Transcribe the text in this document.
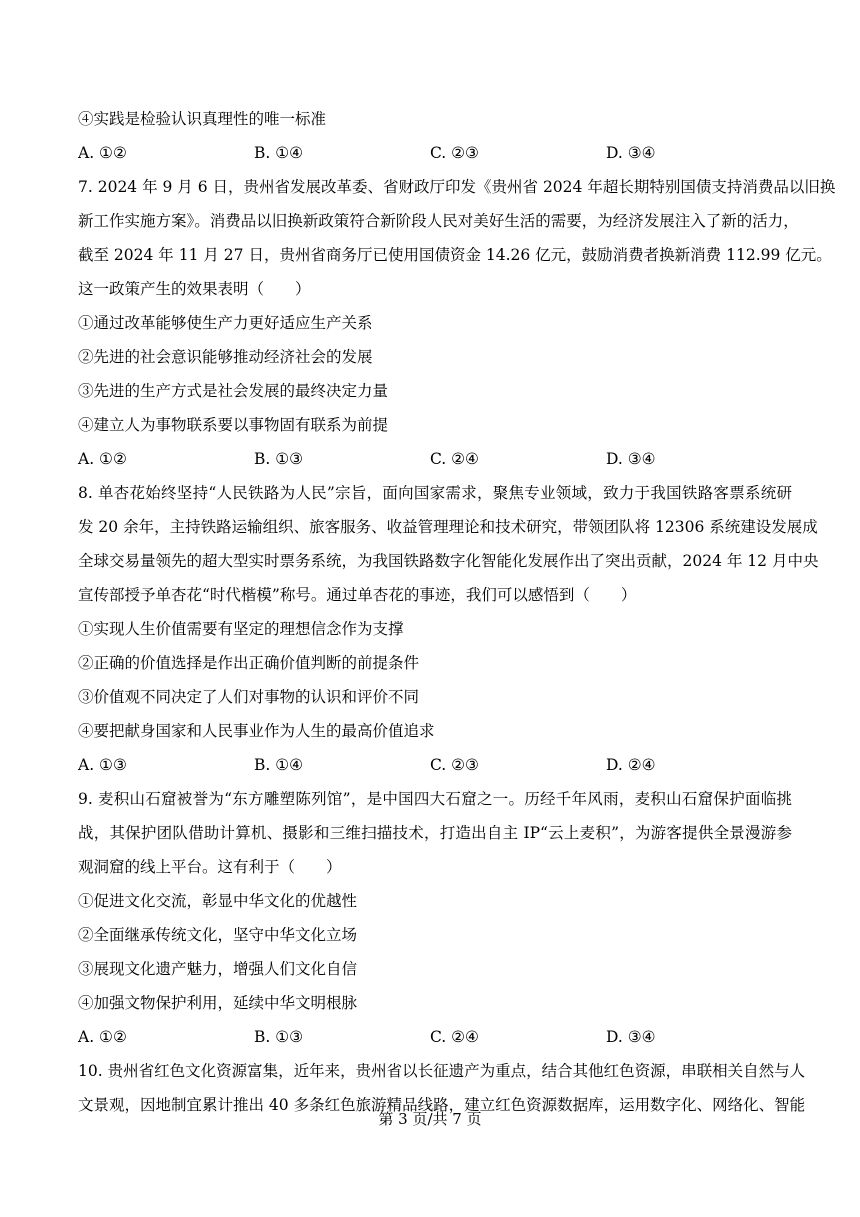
④实践是检验认识真理性的唯一标准
A. ①②	B. ①④	C. ②③	D. ③④
7. 2024 年 9 月 6 日，贵州省发展改革委、省财政厅印发《贵州省 2024 年超长期特别国债支持消费品以旧换
新工作实施方案》。消费品以旧换新政策符合新阶段人民对美好生活的需要，为经济发展注入了新的活力，
截至 2024 年 11 月 27 日，贵州省商务厅已使用国债资金 14.26 亿元，鼓励消费者换新消费 112.99 亿元。
这一政策产生的效果表明（　　）
①通过改革能够使生产力更好适应生产关系
②先进的社会意识能够推动经济社会的发展
③先进的生产方式是社会发展的最终决定力量
④建立人为事物联系要以事物固有联系为前提
A. ①②	B. ①③	C. ②④	D. ③④
8. 单杏花始终坚持“人民铁路为人民”宗旨，面向国家需求，聚焦专业领域，致力于我国铁路客票系统研
发 20 余年，主持铁路运输组织、旅客服务、收益管理理论和技术研究，带领团队将 12306 系统建设发展成
全球交易量领先的超大型实时票务系统，为我国铁路数字化智能化发展作出了突出贡献，2024 年 12 月中央
宣传部授予单杏花“时代楷模”称号。通过单杏花的事迹，我们可以感悟到（　　）
①实现人生价值需要有坚定的理想信念作为支撑
②正确的价值选择是作出正确价值判断的前提条件
③价值观不同决定了人们对事物的认识和评价不同
④要把献身国家和人民事业作为人生的最高价值追求
A. ①③	B. ①④	C. ②③	D. ②④
9. 麦积山石窟被誉为“东方雕塑陈列馆”，是中国四大石窟之一。历经千年风雨，麦积山石窟保护面临挑
战，其保护团队借助计算机、摄影和三维扫描技术，打造出自主 IP“云上麦积”，为游客提供全景漫游参
观洞窟的线上平台。这有利于（　　）
①促进文化交流，彰显中华文化的优越性
②全面继承传统文化，坚守中华文化立场
③展现文化遗产魅力，增强人们文化自信
④加强文物保护利用，延续中华文明根脉
A. ①②	B. ①③	C. ②④	D. ③④
10. 贵州省红色文化资源富集，近年来，贵州省以长征遗产为重点，结合其他红色资源，串联相关自然与人
文景观，因地制宜累计推出 40 多条红色旅游精品线路，建立红色资源数据库，运用数字化、网络化、智能
第 3 页/共 7 页
